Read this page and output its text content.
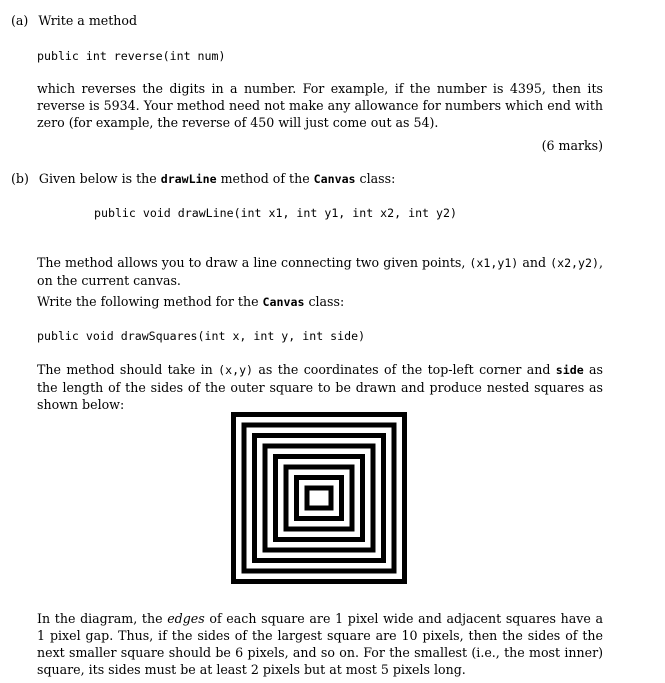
(a) Write a method
public int reverse(int num)
which reverses the digits in a number. For example, if the number is 4395, then its reverse is 5934. Your method need not make any allowance for numbers which end with zero (for example, the reverse of 450 will just come out as 54).
(6 marks)
(b) Given below is the drawLine method of the Canvas class:
public void drawLine(int x1, int y1, int x2, int y2)
The method allows you to draw a line connecting two given points, (x1,y1) and (x2,y2), on the current canvas.
Write the following method for the Canvas class:
public void drawSquares(int x, int y, int side)
The method should take in (x,y) as the coordinates of the top-left corner and side as the length of the sides of the outer square to be drawn and produce nested squares as shown below:
In the diagram, the edges of each square are 1 pixel wide and adjacent squares have a 1 pixel gap. Thus, if the sides of the largest square are 10 pixels, then the sides of the next smaller square should be 6 pixels, and so on. For the smallest (i.e., the most inner) square, its sides must be at least 2 pixels but at most 5 pixels long.
